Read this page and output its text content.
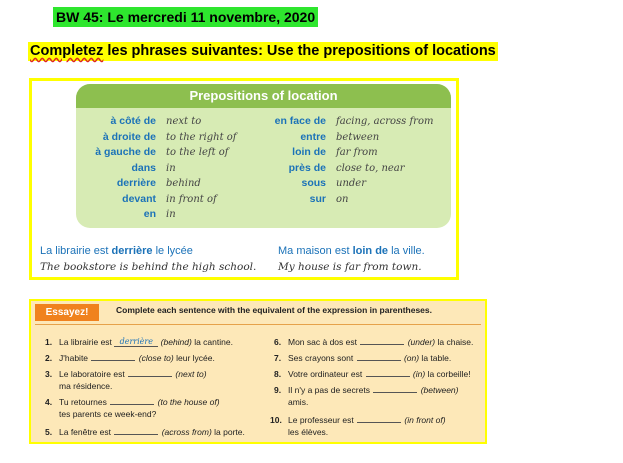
BW 45: Le mercredi 11 novembre, 2020
Completez les phrases suivantes: Use the prepositions of locations
Prepositions of location
à côté de	next to
à droite de	to the right of
à gauche de	to the left of
dans	in
derrière	behind
devant	in front of
en	in
en face de	facing, across from
entre	between
loin de	far from
près de	close to, near
sous	under
sur	on
La librairie est derrière le lycée
The bookstore is behind the high school.
Ma maison est loin de la ville.
My house is far from town.
Essayez!	Complete each sentence with the equivalent of the expression in parentheses.
1. La librairie est derrière (behind) la cantine.
2. J'habite	(close to) leur lycée.
3. Le laboratoire est	(next to)
ma résidence.
4. Tu retournes	(to the house of)
tes parents ce week-end?
5. La fenêtre est	(across from) la porte.
6. Mon sac à dos est	(under) la chaise.
7. Ses crayons sont	(on) la table.
8. Votre ordinateur est	(in) la corbeille!
9. Il n'y a pas de secrets	(between)
amis.
10. Le professeur est	(in front of)
les élèves.
